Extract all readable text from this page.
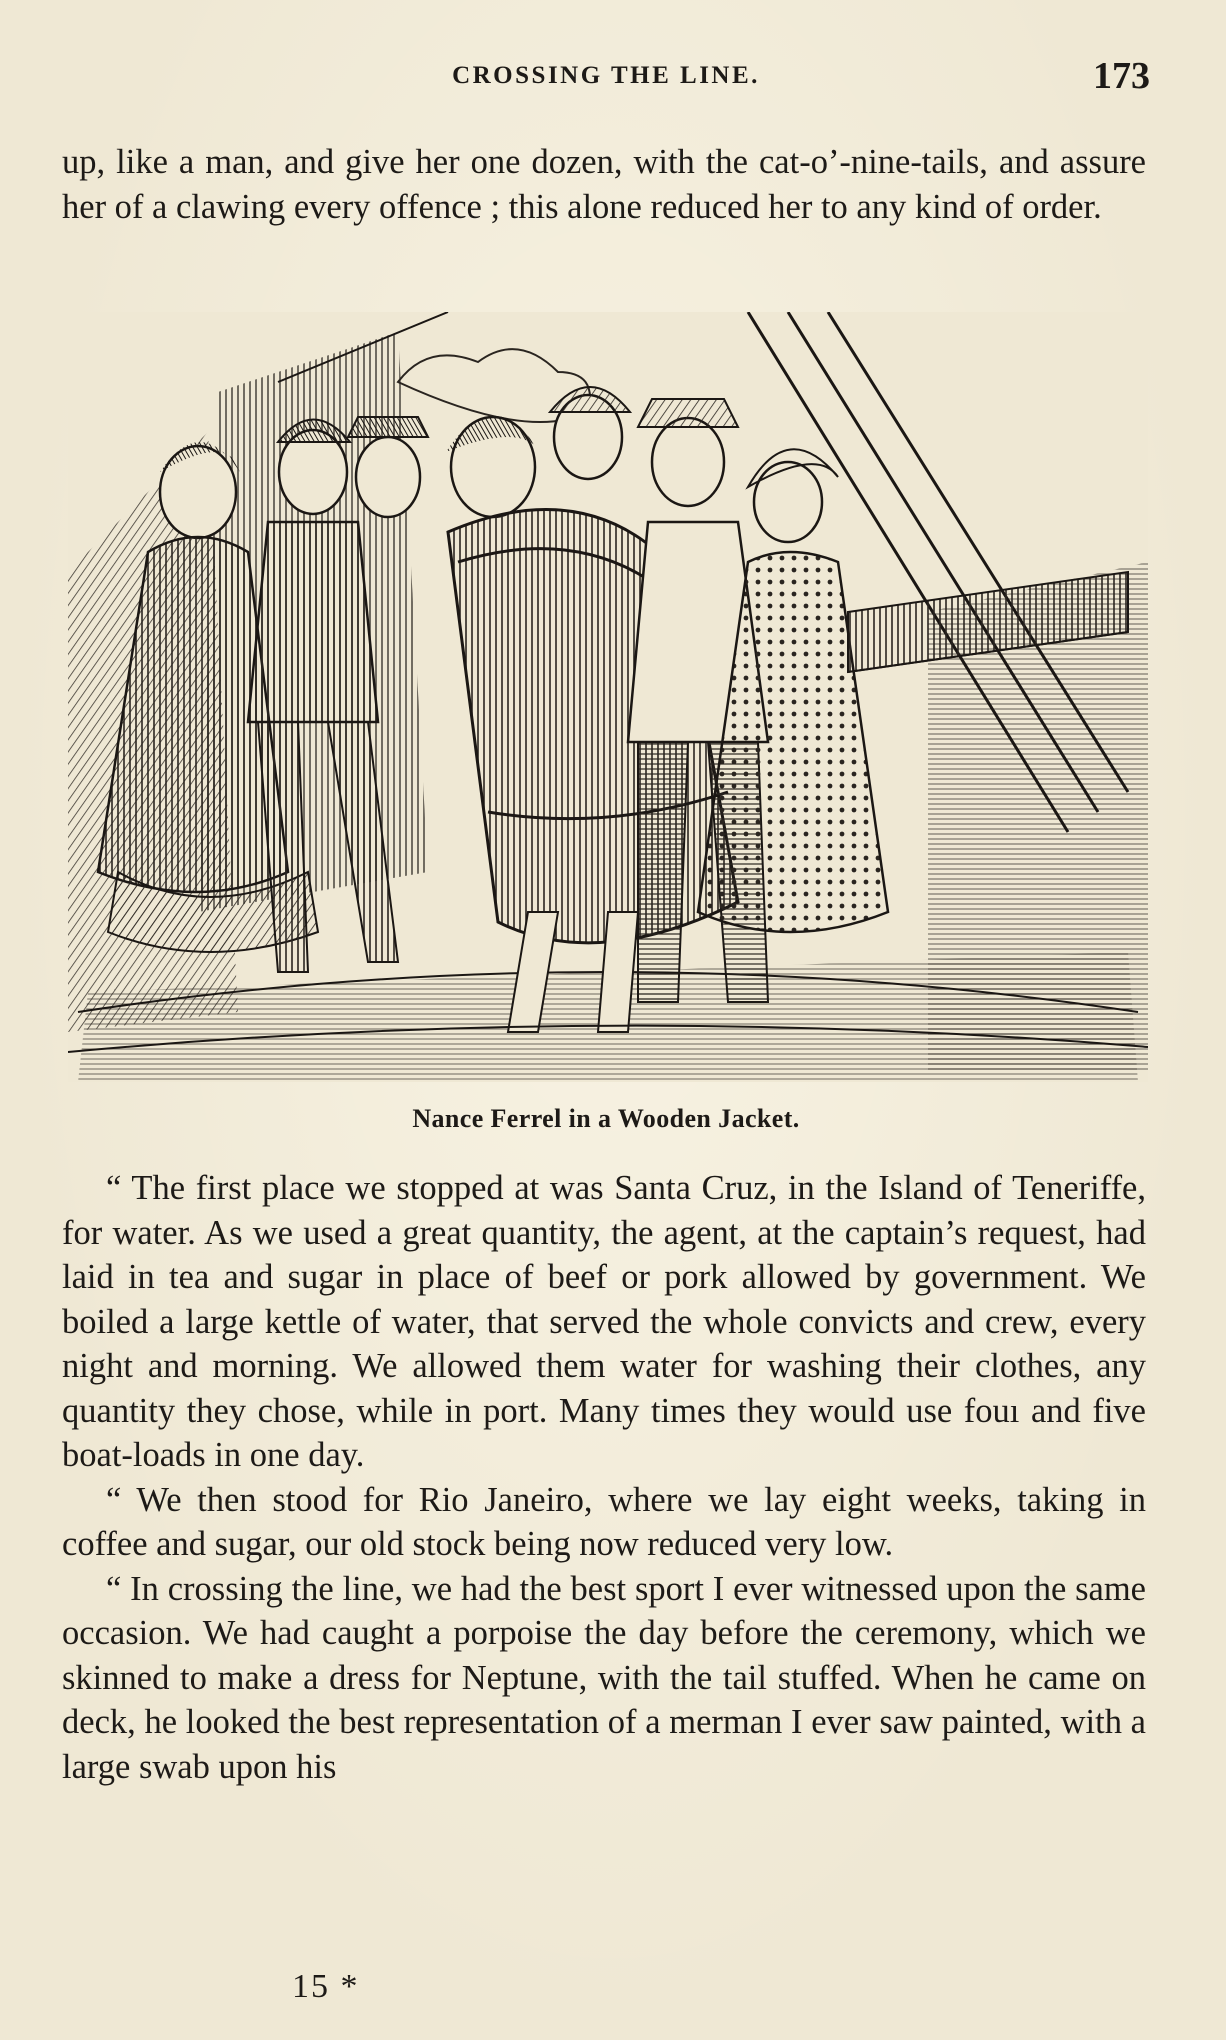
CROSSING THE LINE.	173

up, like a man, and give her one dozen, with the cat-o’-nine-tails, and assure her of a clawing every offence ; this alone reduced her to any kind of order.

Nance Ferrel in a Wooden Jacket.

“ The first place we stopped at was Santa Cruz, in the Island of Teneriffe, for water. As we used a great quantity, the agent, at the captain’s request, had laid in tea and sugar in place of beef or pork allowed by government. We boiled a large kettle of water, that served the whole convicts and crew, every night and morning. We allowed them water for washing their clothes, any quantity they chose, while in port. Many times they would use fouı and five boat-loads in one day.

“ We then stood for Rio Janeiro, where we lay eight weeks, taking in coffee and sugar, our old stock being now reduced very low.

“ In crossing the line, we had the best sport I ever witnessed upon the same occasion. We had caught a porpoise the day before the ceremony, which we skinned to make a dress for Neptune, with the tail stuffed. When he came on deck, he looked the best representation of a merman I ever saw painted, with a large swab upon his

15 *
